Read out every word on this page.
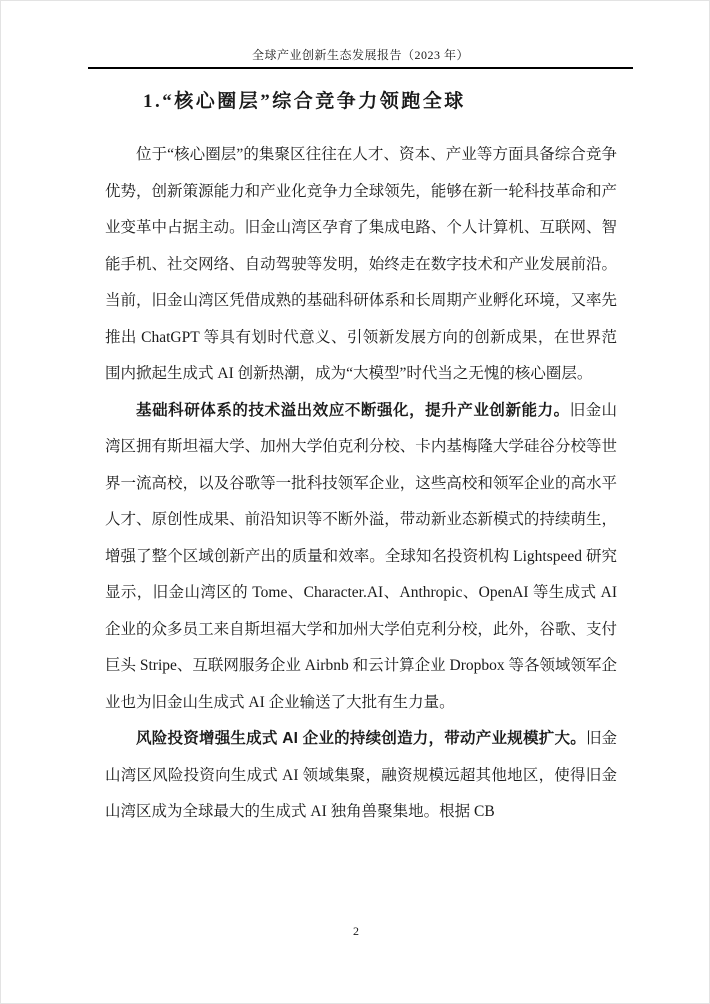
全球产业创新生态发展报告（2023 年）
1.“核心圈层”综合竞争力领跑全球

位于“核心圈层”的集聚区往往在人才、资本、产业等方面具备综合竞争优势，创新策源能力和产业化竞争力全球领先，能够在新一轮科技革命和产业变革中占据主动。旧金山湾区孕育了集成电路、个人计算机、互联网、智能手机、社交网络、自动驾驶等发明，始终走在数字技术和产业发展前沿。当前，旧金山湾区凭借成熟的基础科研体系和长周期产业孵化环境，又率先推出 ChatGPT 等具有划时代意义、引领新发展方向的创新成果，在世界范围内掀起生成式 AI 创新热潮，成为“大模型”时代当之无愧的核心圈层。

基础科研体系的技术溢出效应不断强化，提升产业创新能力。旧金山湾区拥有斯坦福大学、加州大学伯克利分校、卡内基梅隆大学硅谷分校等世界一流高校，以及谷歌等一批科技领军企业，这些高校和领军企业的高水平人才、原创性成果、前沿知识等不断外溢，带动新业态新模式的持续萌生，增强了整个区域创新产出的质量和效率。全球知名投资机构 Lightspeed 研究显示，旧金山湾区的 Tome、Character.AI、Anthropic、OpenAI 等生成式 AI 企业的众多员工来自斯坦福大学和加州大学伯克利分校，此外，谷歌、支付巨头 Stripe、互联网服务企业 Airbnb 和云计算企业 Dropbox 等各领域领军企业也为旧金山生成式 AI 企业输送了大批有生力量。

风险投资增强生成式 AI 企业的持续创造力，带动产业规模扩大。旧金山湾区风险投资向生成式 AI 领域集聚，融资规模远超其他地区，使得旧金山湾区成为全球最大的生成式 AI 独角兽聚集地。根据 CB

2
